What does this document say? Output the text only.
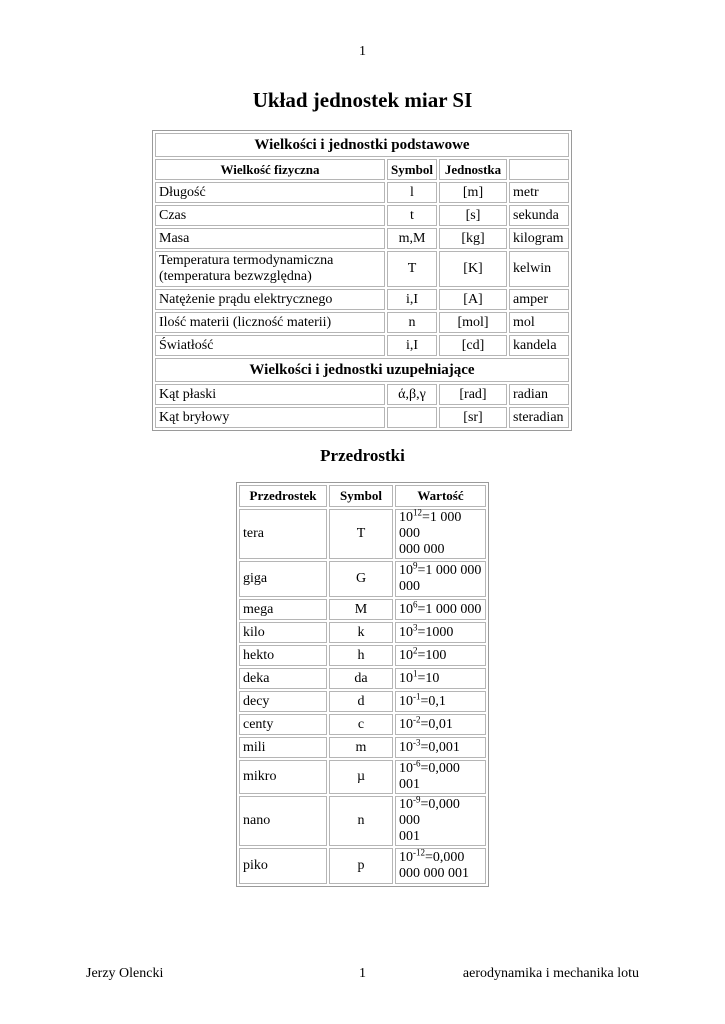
1
Układ jednostek miar SI
Wielkości i jednostki podstawowe			
Wielkość fizyczna	Symbol	Jednostka	
Długość	l	[m]	metr
Czas	t	[s]	sekunda
Masa	m,M	[kg]	kilogram
Temperatura termodynamiczna
(temperatura bezwzględna)	T	[K]	kelwin
Natężenie prądu elektrycznego	i,I	[A]	amper
Ilość materii (liczność materii)	n	[mol]	mol
Światłość	i,I	[cd]	kandela
Wielkości i jednostki uzupełniające			
Kąt płaski	ά,β,γ	[rad]	radian
Kąt bryłowy		[sr]	steradian
Przedrostki
Przedrostek	Symbol	Wartość
tera	T	$10^{12}=1$ 000 000
000 000
giga	G	$10^9=1$ 000 000
000
mega	M	$10^6=1$ 000 000
kilo	k	$10^3=1000$
hekto	h	$10^2=100$
deka	da	$10^1=10$
decy	d	$10^{-1}=0,1$
centy	c	$10^{-2}=0,01$
mili	m	$10^{-3}=0,001$
mikro	µ	$10^{-6}=0,000$ 001
nano	n	$10^{-9}=0,000$ 000
001
piko	p	$10^{-12}=0,000$
000 000 001
Jerzy Olencki	1	aerodynamika i mechanika lotu
